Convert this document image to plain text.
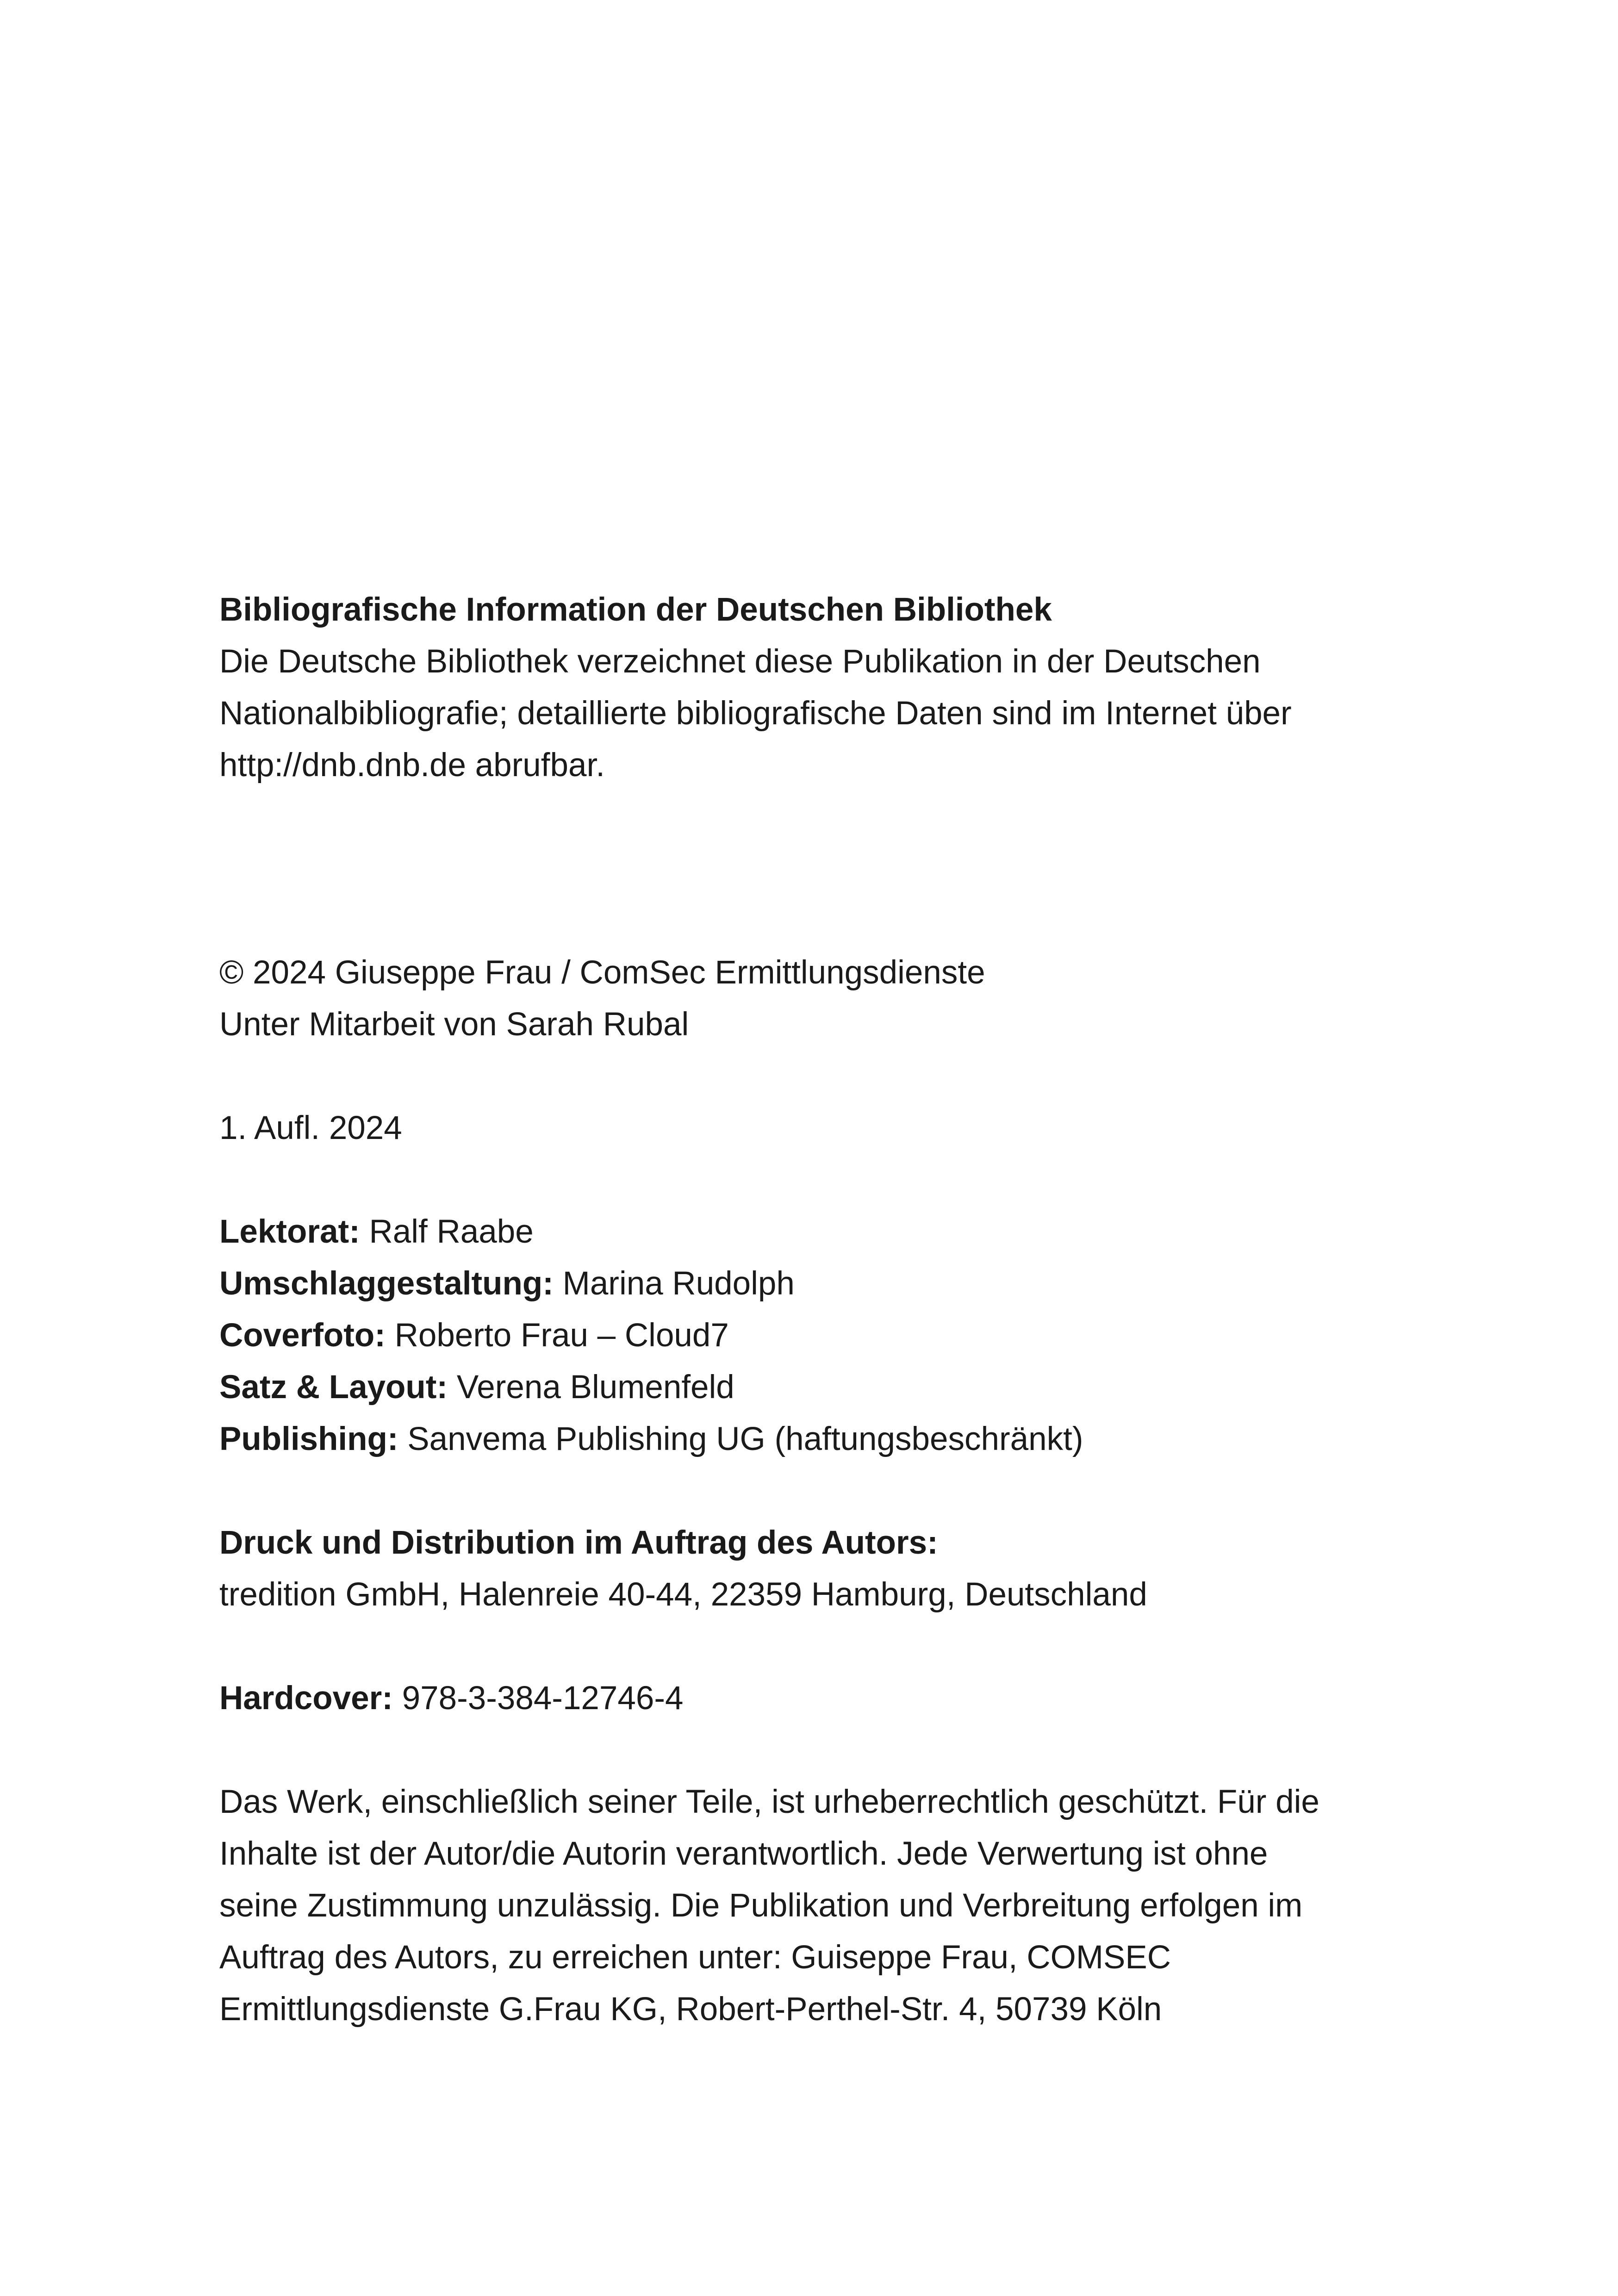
Bibliografische Information der Deutschen Bibliothek
Die Deutsche Bibliothek verzeichnet diese Publikation in der Deutschen
Nationalbibliografie; detaillierte bibliografische Daten sind im Internet über
http://dnb.dnb.de abrufbar.
© 2024 Giuseppe Frau / ComSec Ermittlungsdienste
Unter Mitarbeit von Sarah Rubal
1. Aufl. 2024
Lektorat: Ralf Raabe
Umschlaggestaltung: Marina Rudolph
Coverfoto: Roberto Frau – Cloud7
Satz & Layout: Verena Blumenfeld
Publishing: Sanvema Publishing UG (haftungsbeschränkt)
Druck und Distribution im Auftrag des Autors:
tredition GmbH, Halenreie 40-44, 22359 Hamburg, Deutschland
Hardcover: 978-3-384-12746-4
Das Werk, einschließlich seiner Teile, ist urheberrechtlich geschützt. Für die
Inhalte ist der Autor/die Autorin verantwortlich. Jede Verwertung ist ohne
seine Zustimmung unzulässig. Die Publikation und Verbreitung erfolgen im
Auftrag des Autors, zu erreichen unter: Guiseppe Frau, COMSEC
Ermittlungsdienste G.Frau KG, Robert-Perthel-Str. 4, 50739 Köln
